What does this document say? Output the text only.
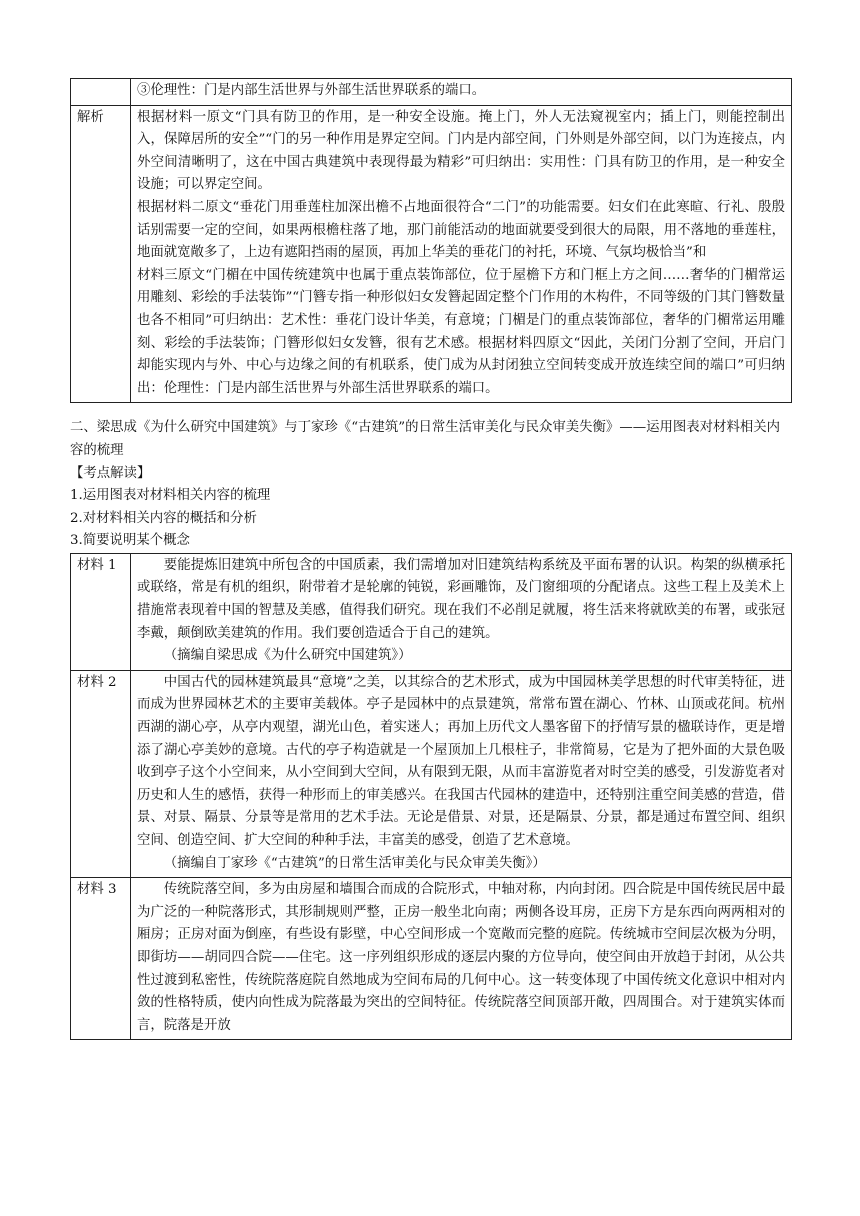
	③伦理性：门是内部生活世界与外部生活世界联系的端口。

解析	根据材料一原文“门具有防卫的作用，是一种安全设施。掩上门，外人无法窥视室内；插上门，则能控制出入，保障居所的安全”“门的另一种作用是界定空间。门内是内部空间，门外则是外部空间，以门为连接点，内外空间清晰明了，这在中国古典建筑中表现得最为精彩”可归纳出：实用性：门具有防卫的作用，是一种安全设施；可以界定空间。

根据材料二原文“垂花门用垂莲柱加深出檐不占地面很符合“二门”的功能需要。妇女们在此寒暄、行礼、殷殷话别需要一定的空间，如果两根檐柱落了地，那门前能活动的地面就要受到很大的局限，用不落地的垂莲柱，地面就宽敞多了，上边有遮阳挡雨的屋顶，再加上华美的垂花门的衬托，环境、气氛均极恰当”和

材料三原文“门楣在中国传统建筑中也属于重点装饰部位，位于屋檐下方和门框上方之间……奢华的门楣常运用雕刻、彩绘的手法装饰”“门簪专指一种形似妇女发簪起固定整个门作用的木构件，不同等级的门其门簪数量也各不相同”可归纳出：艺术性：垂花门设计华美，有意境；门楣是门的重点装饰部位，奢华的门楣常运用雕刻、彩绘的手法装饰；门簪形似妇女发簪，很有艺术感。根据材料四原文“因此，关闭门分割了空间，开启门却能实现内与外、中心与边缘之间的有机联系，使门成为从封闭独立空间转变成开放连续空间的端口”可归纳出：伦理性：门是内部生活世界与外部生活世界联系的端口。

二、梁思成《为什么研究中国建筑》与丁家珍《“古建筑”的日常生活审美化与民众审美失衡》——运用图表对材料相关内容的梳理

【考点解读】

1.运用图表对材料相关内容的梳理

2.对材料相关内容的概括和分析

3.简要说明某个概念

材料 1	要能提炼旧建筑中所包含的中国质素，我们需增加对旧建筑结构系统及平面布署的认识。构架的纵横承托或联络，常是有机的组织，附带着才是轮廓的钝锐，彩画雕饰，及门窗细项的分配诸点。这些工程上及美术上措施常表现着中国的智慧及美感，值得我们研究。现在我们不必削足就履，将生活来将就欧美的布署，或张冠李戴，颠倒欧美建筑的作用。我们要创造适合于自己的建筑。

（摘编自梁思成《为什么研究中国建筑》）

材料 2	中国古代的园林建筑最具“意境”之美，以其综合的艺术形式，成为中国园林美学思想的时代审美特征，进而成为世界园林艺术的主要审美载体。亭子是园林中的点景建筑，常常布置在湖心、竹林、山顶或花间。杭州西湖的湖心亭，从亭内观望，湖光山色，着实迷人；再加上历代文人墨客留下的抒情写景的楹联诗作，更是增添了湖心亭美妙的意境。古代的亭子构造就是一个屋顶加上几根柱子，非常简易，它是为了把外面的大景色吸收到亭子这个小空间来，从小空间到大空间，从有限到无限，从而丰富游览者对时空美的感受，引发游览者对历史和人生的感悟，获得一种形而上的审美感兴。在我国古代园林的建造中，还特别注重空间美感的营造，借景、对景、隔景、分景等是常用的艺术手法。无论是借景、对景，还是隔景、分景，都是通过布置空间、组织空间、创造空间、扩大空间的种种手法，丰富美的感受，创造了艺术意境。

（摘编自丁家珍《“古建筑”的日常生活审美化与民众审美失衡》）

材料 3	传统院落空间，多为由房屋和墙围合而成的合院形式，中轴对称，内向封闭。四合院是中国传统民居中最为广泛的一种院落形式，其形制规则严整，正房一般坐北向南；两侧各设耳房，正房下方是东西向两两相对的厢房；正房对面为倒座，有些设有影壁，中心空间形成一个宽敞而完整的庭院。传统城市空间层次极为分明，即街坊——胡同四合院——住宅。这一序列组织形成的逐层内聚的方位导向，使空间由开放趋于封闭，从公共性过渡到私密性，传统院落庭院自然地成为空间布局的几何中心。这一转变体现了中国传统文化意识中相对内敛的性格特质，使内向性成为院落最为突出的空间特征。传统院落空间顶部开敞，四周围合。对于建筑实体而言，院落是开放
